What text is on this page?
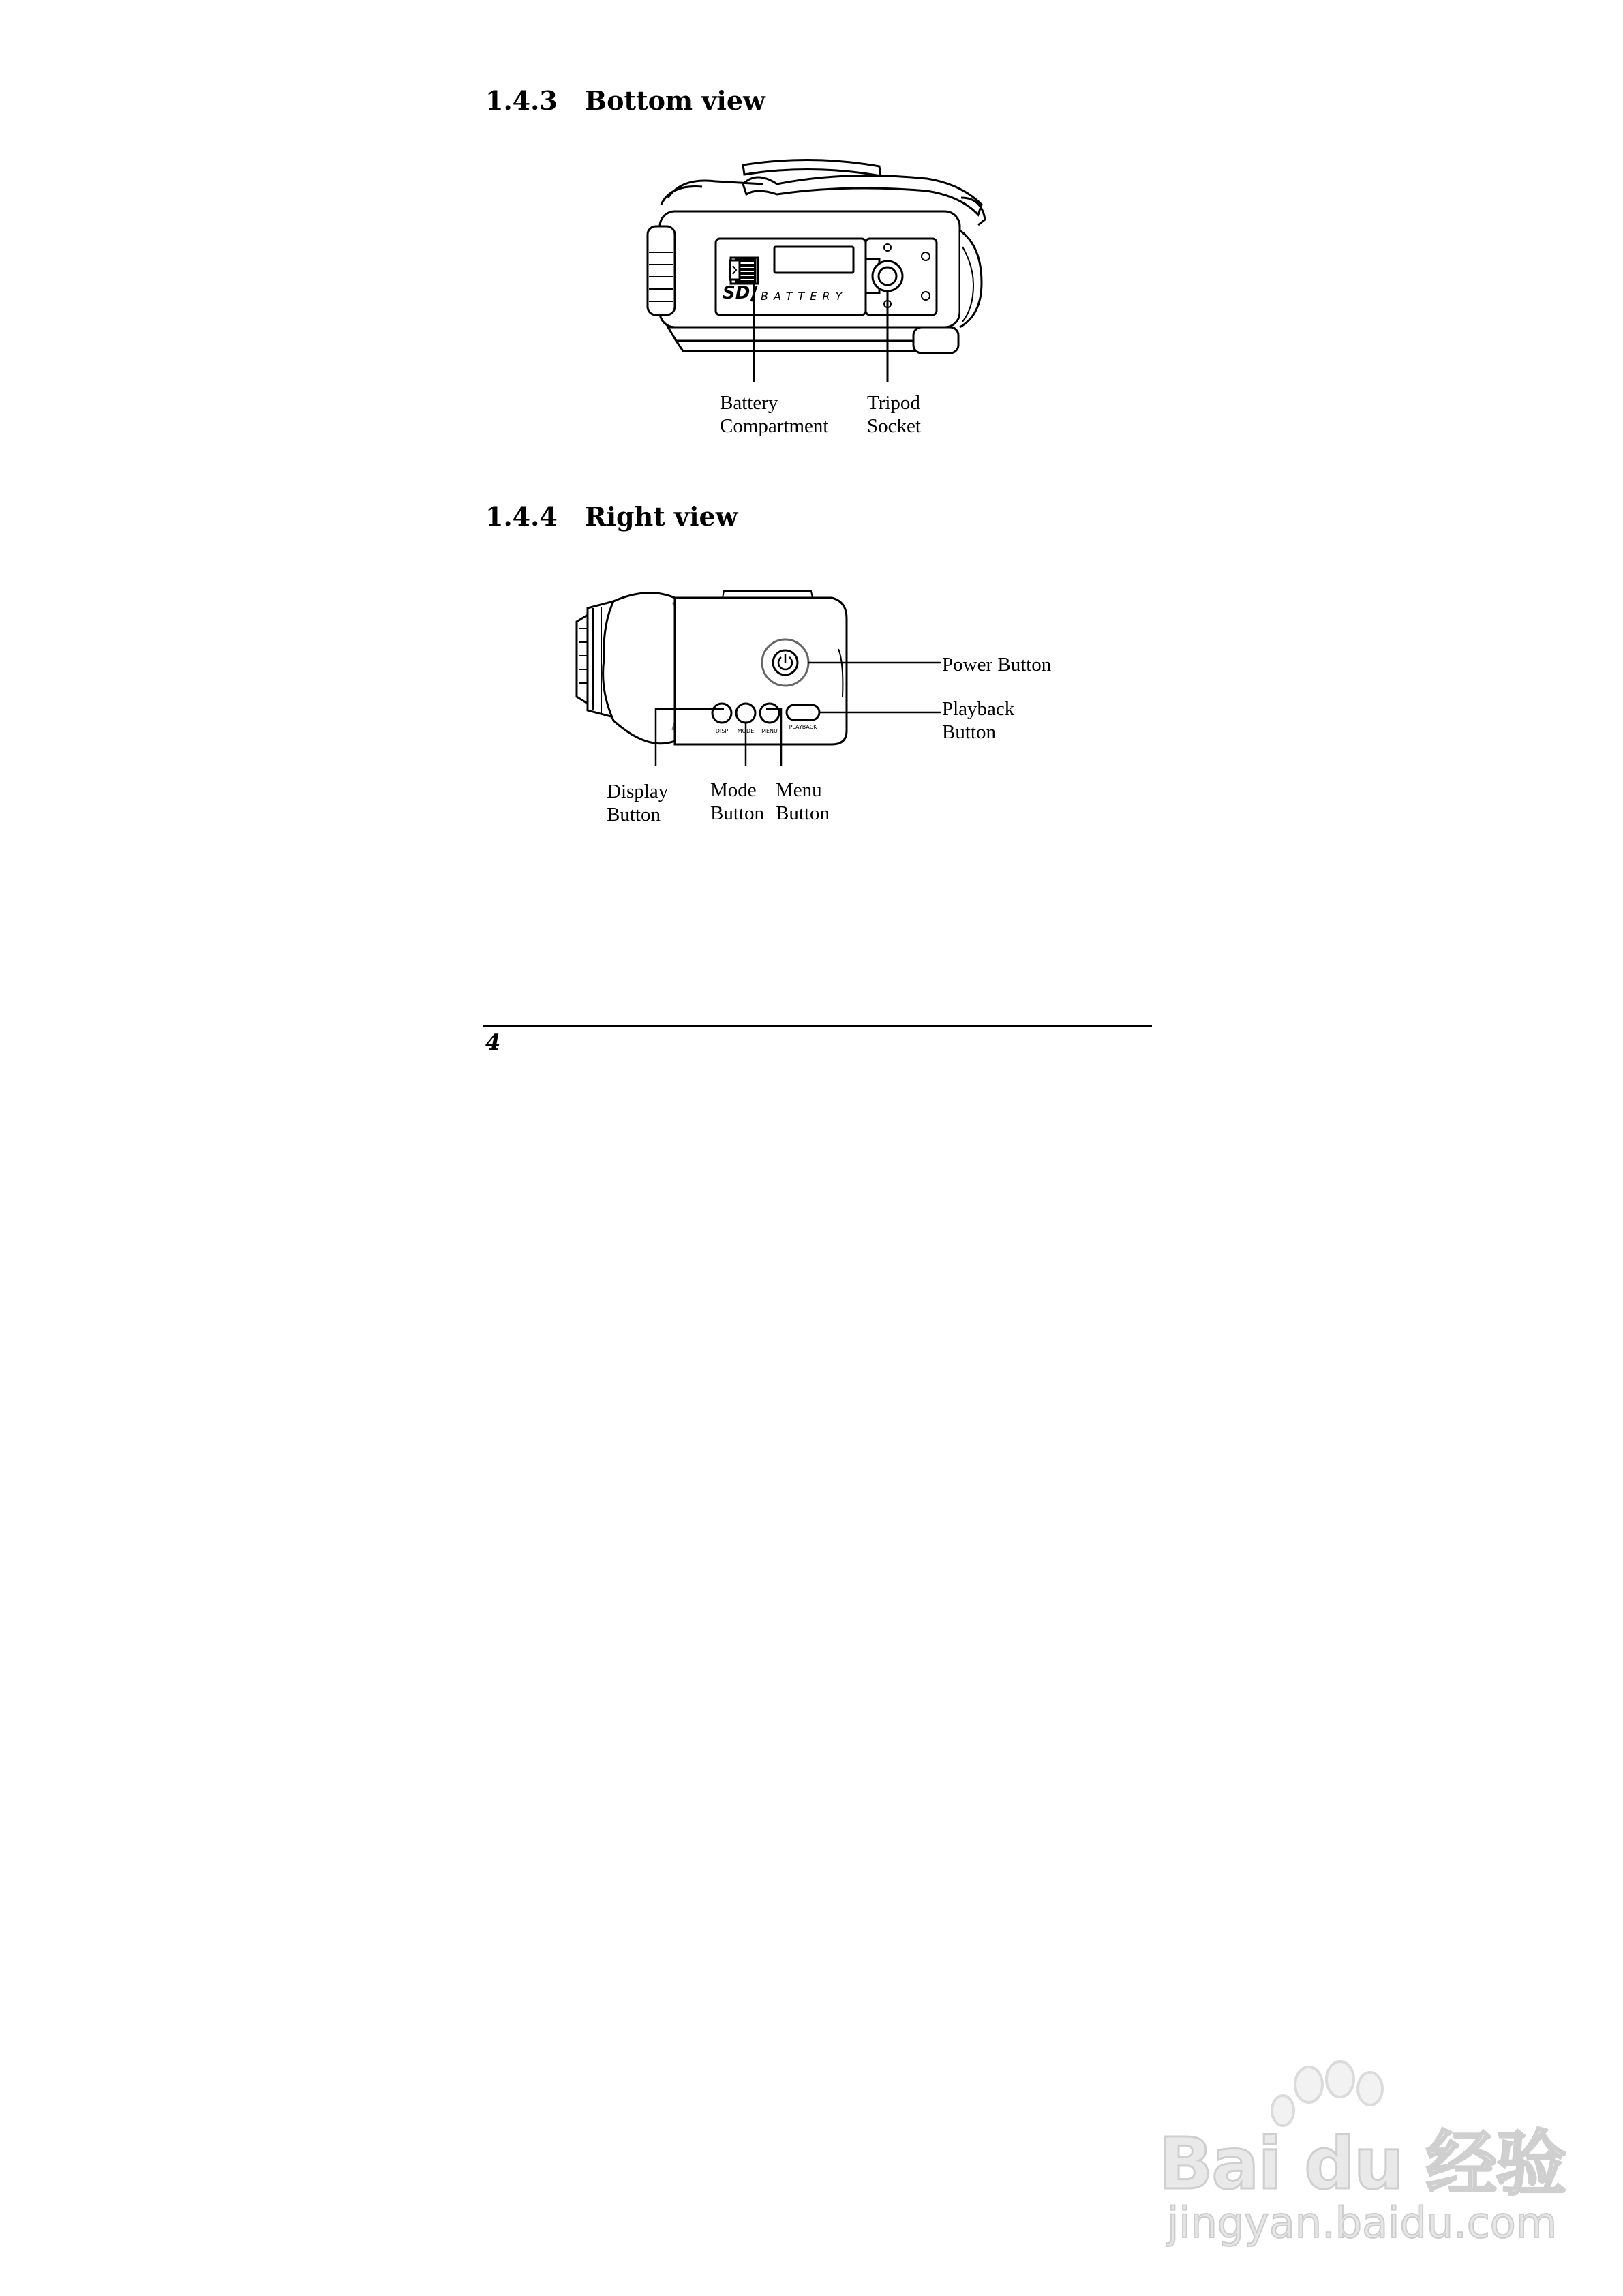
1.4.3 Bottom view
SD BATTERY
Battery
Compartment
Tripod
Socket
1.4.4 Right view
DISP MODE MENU
PLAYBACK
Power Button
Playback
Button
Display
Button
Mode
Button
Menu
Button
4
Bai du 经验
jingyan.baidu.com
